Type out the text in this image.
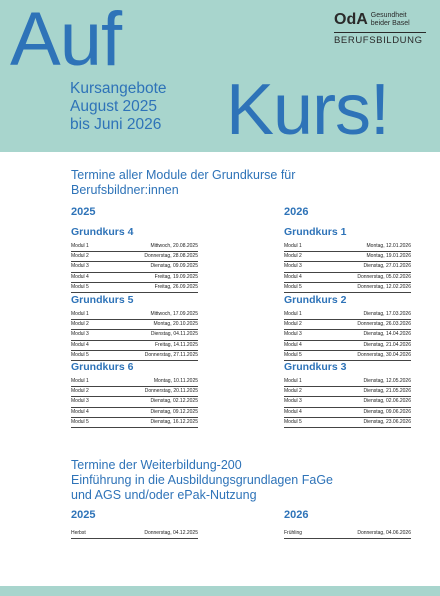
Auf
Kurs!
Kursangebote
August 2025
bis Juni 2026
OdA Gesundheit
beider Basel
BERUFSBILDUNG
Termine aller Module der Grundkurse für
Berufsbildner:innen
2025	2026
Grundkurs 4
Modul 1	Mittwoch, 20.08.2025
Modul 2	Donnerstag, 28.08.2025
Modul 3	Dienstag, 09.09.2025
Modul 4	Freitag, 19.09.2025
Modul 5	Freitag, 26.09.2025
Grundkurs 5
Modul 1	Mittwoch, 17.09.2025
Modul 2	Montag, 20.10.2025
Modul 3	Dienstag, 04.11.2025
Modul 4	Freitag, 14.11.2025
Modul 5	Donnerstag, 27.11.2025
Grundkurs 6
Modul 1	Montag, 10.11.2025
Modul 2	Donnerstag, 20.11.2025
Modul 3	Dienstag, 02.12.2025
Modul 4	Dienstag, 09.12.2025
Modul 5	Dienstag, 16.12.2025
Grundkurs 1
Modul 1	Montag, 12.01.2026
Modul 2	Montag, 19.01.2026
Modul 3	Dienstag, 27.01.2026
Modul 4	Donnerstag, 05.02.2026
Modul 5	Donnerstag, 12.02.2026
Grundkurs 2
Modul 1	Dienstag, 17.03.2026
Modul 2	Donnerstag, 26.03.2026
Modul 3	Dienstag, 14.04.2026
Modul 4	Dienstag, 21.04.2026
Modul 5	Donnerstag, 30.04.2026
Grundkurs 3
Modul 1	Dienstag, 12.05.2026
Modul 2	Dienstag, 21.05.2026
Modul 3	Dienstag, 02.06.2026
Modul 4	Dienstag, 09.06.2026
Modul 5	Dienstag, 23.06.2026
Termine der Weiterbildung-200
Einführung in die Ausbildungsgrundlagen FaGe
und AGS und/oder ePak-Nutzung
2025	2026
Herbst	Donnerstag, 04.12.2025	Frühling	Donnerstag, 04.06.2026
